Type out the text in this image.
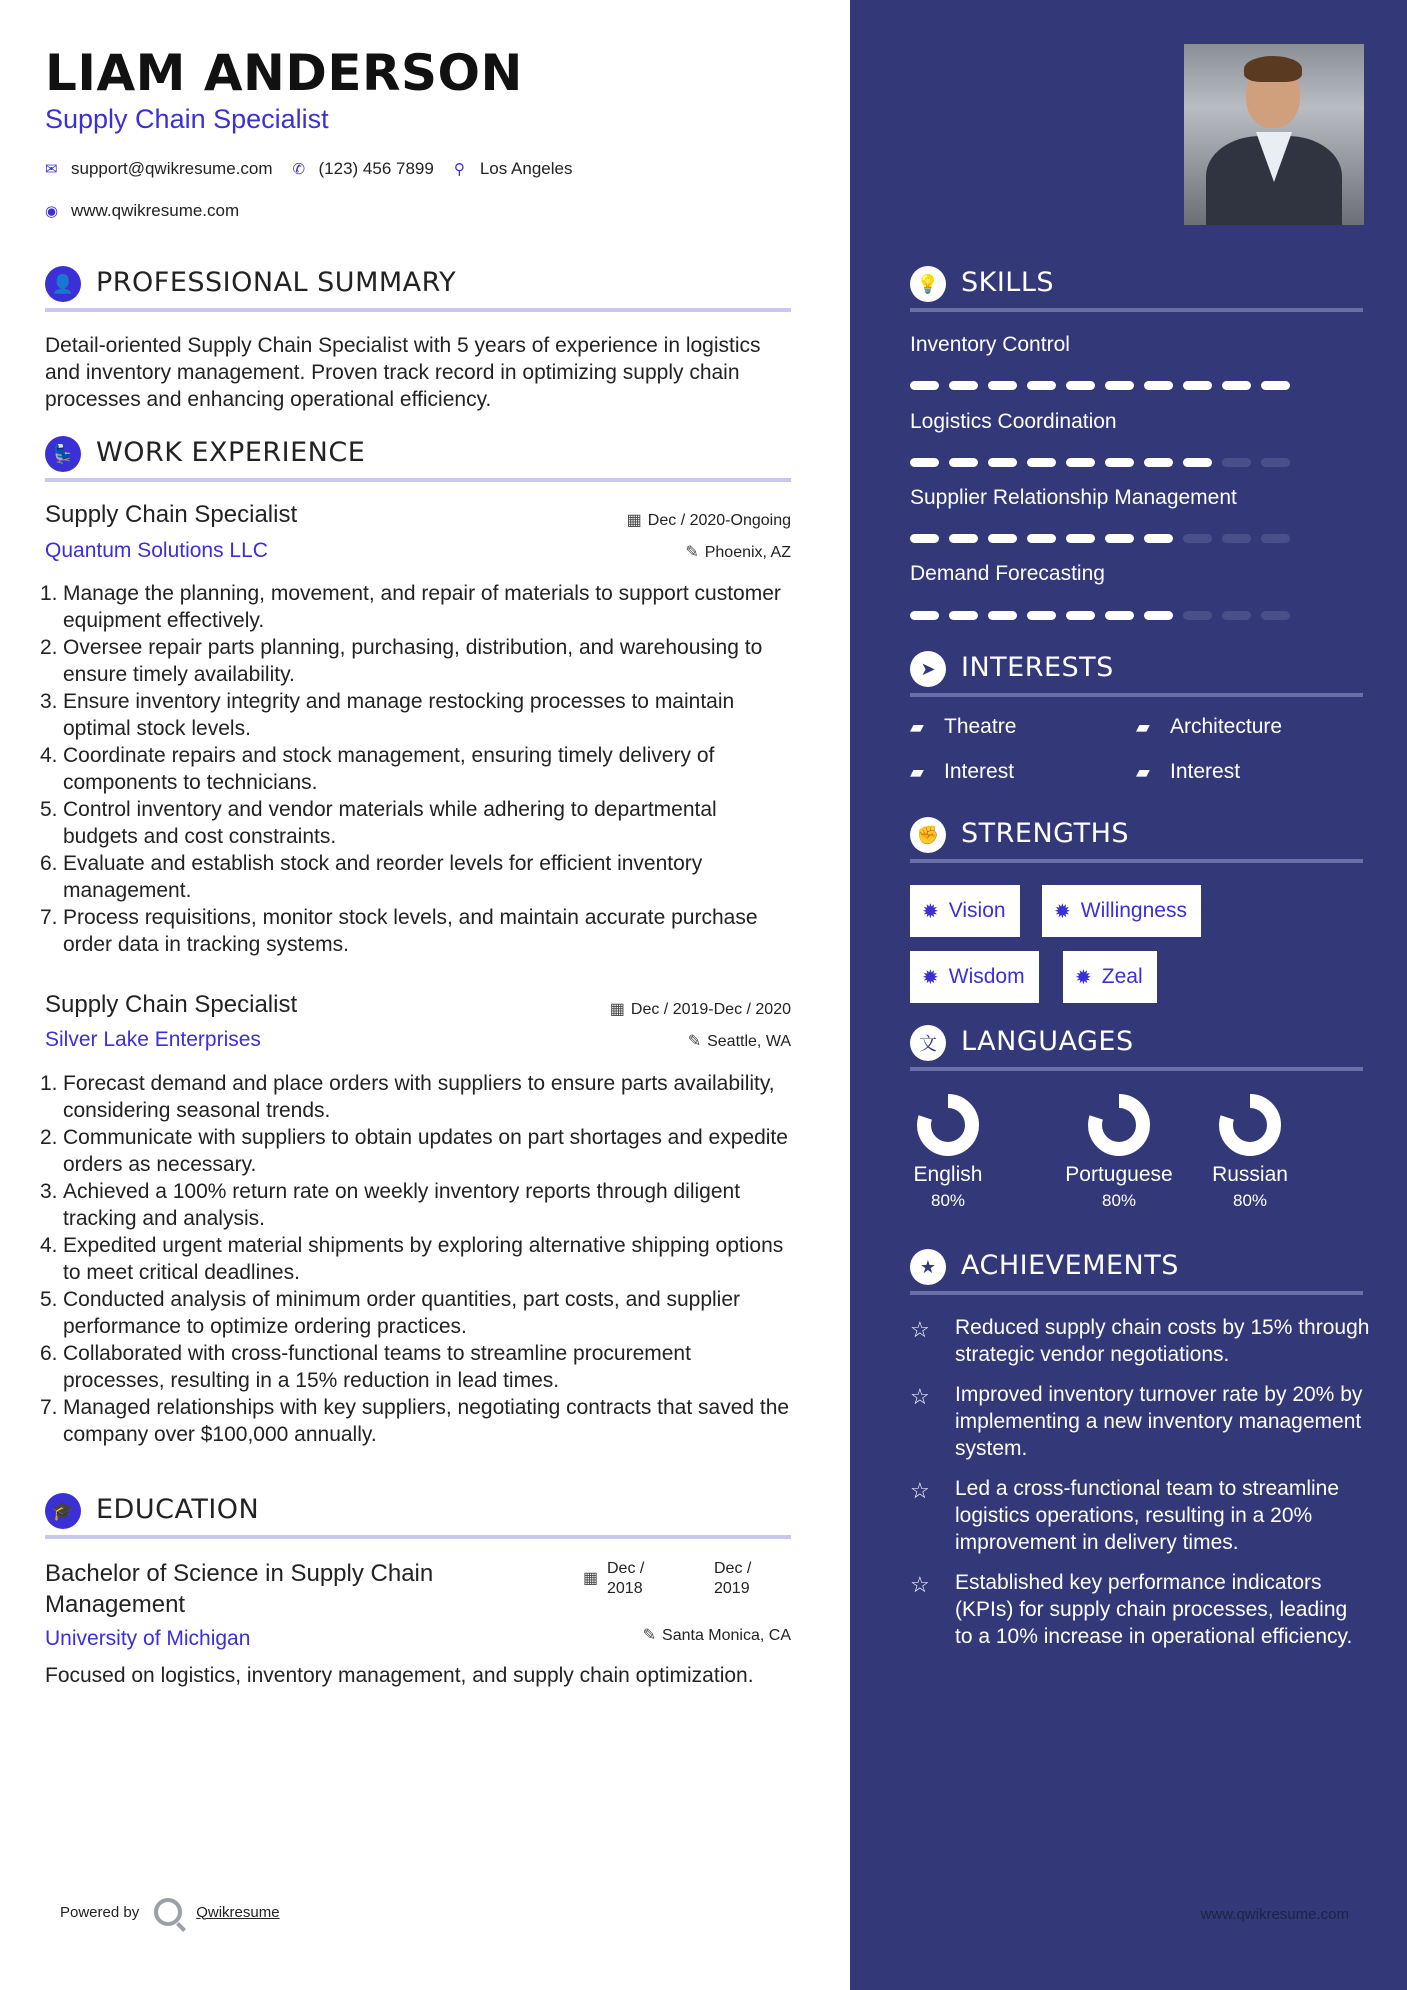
LIAM ANDERSON
Supply Chain Specialist
✉ support@qwikresume.com ✆ (123) 456 7899 ⚲ Los Angeles
◉ www.qwikresume.com
👤 PROFESSIONAL SUMMARY
Detail-oriented Supply Chain Specialist with 5 years of experience in logistics and inventory management. Proven track record in optimizing supply chain processes and enhancing operational efficiency.
💺 WORK EXPERIENCE
Supply Chain Specialist	▦ Dec / 2020-Ongoing
Quantum Solutions LLC	✎ Phoenix, AZ
1. Manage the planning, movement, and repair of materials to support customer equipment effectively.
2. Oversee repair parts planning, purchasing, distribution, and warehousing to ensure timely availability.
3. Ensure inventory integrity and manage restocking processes to maintain optimal stock levels.
4. Coordinate repairs and stock management, ensuring timely delivery of components to technicians.
5. Control inventory and vendor materials while adhering to departmental budgets and cost constraints.
6. Evaluate and establish stock and reorder levels for efficient inventory management.
7. Process requisitions, monitor stock levels, and maintain accurate purchase order data in tracking systems.
Supply Chain Specialist	▦ Dec / 2019-Dec / 2020
Silver Lake Enterprises	✎ Seattle, WA
1. Forecast demand and place orders with suppliers to ensure parts availability, considering seasonal trends.
2. Communicate with suppliers to obtain updates on part shortages and expedite orders as necessary.
3. Achieved a 100% return rate on weekly inventory reports through diligent tracking and analysis.
4. Expedited urgent material shipments by exploring alternative shipping options to meet critical deadlines.
5. Conducted analysis of minimum order quantities, part costs, and supplier performance to optimize ordering practices.
6. Collaborated with cross-functional teams to streamline procurement processes, resulting in a 15% reduction in lead times.
7. Managed relationships with key suppliers, negotiating contracts that saved the company over $100,000 annually.
🎓 EDUCATION
Bachelor of Science in Supply Chain
Management
▦
Dec /
2018
Dec /
2019
University of Michigan	✎ Santa Monica, CA
Focused on logistics, inventory management, and supply chain optimization.
Powered by	Qwikresume
💡 SKILLS
Inventory Control
Logistics Coordination
Supplier Relationship Management
Demand Forecasting
➤ INTERESTS
▰ Theatre	▰ Architecture
▰ Interest	▰ Interest
✊ STRENGTHS
✹ Vision ✹ Willingness
✹ Wisdom	✹ Zeal
文 LANGUAGES
English
80%
Portuguese
80%
Russian
80%
★ ACHIEVEMENTS
☆ Reduced supply chain costs by 15% through strategic vendor negotiations.
☆ Improved inventory turnover rate by 20% by implementing a new inventory management system.
☆ Led a cross-functional team to streamline logistics operations, resulting in a 20% improvement in delivery times.
☆ Established key performance indicators (KPIs) for supply chain processes, leading to a 10% increase in operational efficiency.
www.qwikresume.com
